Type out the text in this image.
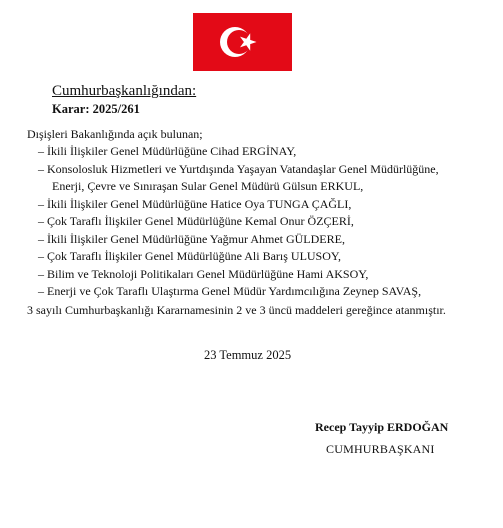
Cumhurbaşkanlığından:
Karar: 2025/261
Dışişleri Bakanlığında açık bulunan;
– İkili İlişkiler Genel Müdürlüğüne Cihad ERGİNAY,
– Konsolosluk Hizmetleri ve Yurtdışında Yaşayan Vatandaşlar Genel Müdürlüğüne,
Enerji, Çevre ve Sınıraşan Sular Genel Müdürü Gülsun ERKUL,
– İkili İlişkiler Genel Müdürlüğüne Hatice Oya TUNGA ÇAĞLI,
– Çok Taraflı İlişkiler Genel Müdürlüğüne Kemal Onur ÖZÇERİ,
– İkili İlişkiler Genel Müdürlüğüne Yağmur Ahmet GÜLDERE,
– Çok Taraflı İlişkiler Genel Müdürlüğüne Ali Barış ULUSOY,
– Bilim ve Teknoloji Politikaları Genel Müdürlüğüne Hami AKSOY,
– Enerji ve Çok Taraflı Ulaştırma Genel Müdür Yardımcılığına Zeynep SAVAŞ,
3 sayılı Cumhurbaşkanlığı Kararnamesinin 2 ve 3 üncü maddeleri gereğince atanmıştır.
23 Temmuz 2025
Recep Tayyip ERDOĞAN
CUMHURBAŞKANI
